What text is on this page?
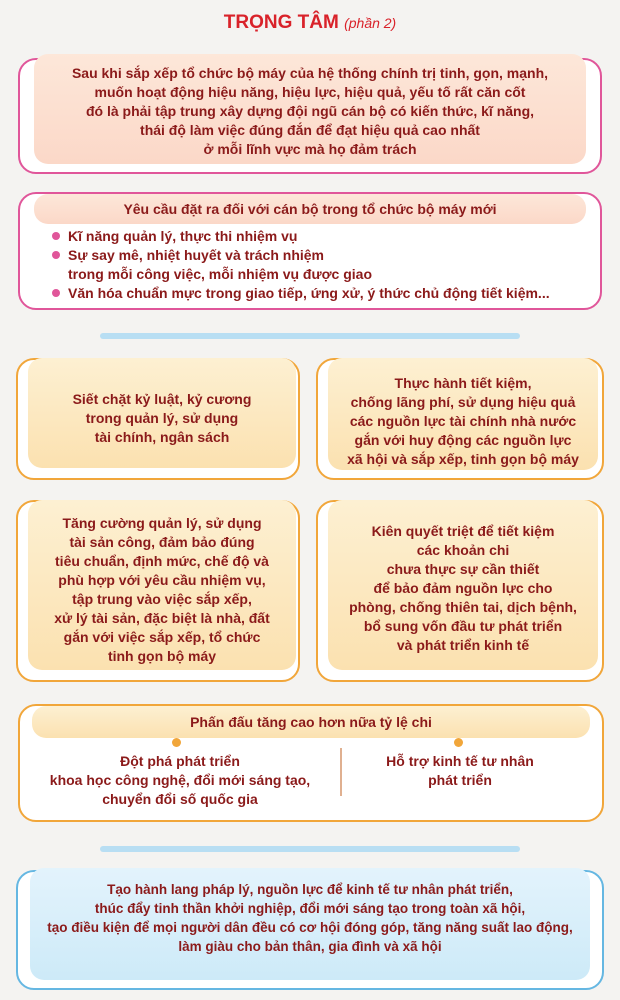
TRỌNG TÂM (phần 2)

Sau khi sắp xếp tổ chức bộ máy của hệ thống chính trị tinh, gọn, mạnh,

muốn hoạt động hiệu năng, hiệu lực, hiệu quả, yếu tố rất căn cốt

đó là phải tập trung xây dựng đội ngũ cán bộ có kiến thức, kĩ năng,

thái độ làm việc đúng đắn để đạt hiệu quả cao nhất

ở mỗi lĩnh vực mà họ đảm trách

Yêu cầu đặt ra đối với cán bộ trong tổ chức bộ máy mới
Kĩ năng quản lý, thực thi nhiệm vụ
Sự say mê, nhiệt huyết và trách nhiệm
trong mỗi công việc, mỗi nhiệm vụ được giao
Văn hóa chuẩn mực trong giao tiếp, ứng xử, ý thức chủ động tiết kiệm...

Siết chặt kỷ luật, kỷ cương

trong quản lý, sử dụng

tài chính, ngân sách

Thực hành tiết kiệm,

chống lãng phí, sử dụng hiệu quả

các nguồn lực tài chính nhà nước

gắn với huy động các nguồn lực

xã hội và sắp xếp, tinh gọn bộ máy

Tăng cường quản lý, sử dụng

tài sản công, đảm bảo đúng

tiêu chuẩn, định mức, chế độ và

phù hợp với yêu cầu nhiệm vụ,

tập trung vào việc sắp xếp,

xử lý tài sản, đặc biệt là nhà, đất

gắn với việc sắp xếp, tổ chức

tinh gọn bộ máy

Kiên quyết triệt để tiết kiệm

các khoản chi

chưa thực sự cần thiết

để bảo đảm nguồn lực cho

phòng, chống thiên tai, dịch bệnh,

bổ sung vốn đầu tư phát triển

và phát triển kinh tế

Phấn đấu tăng cao hơn nữa tỷ lệ chi

Đột phá phát triển

khoa học công nghệ, đổi mới sáng tạo,

chuyển đổi số quốc gia

Hỗ trợ kinh tế tư nhân

phát triển

Tạo hành lang pháp lý, nguồn lực để kinh tế tư nhân phát triển,

thúc đẩy tinh thần khởi nghiệp, đổi mới sáng tạo trong toàn xã hội,

tạo điều kiện để mọi người dân đều có cơ hội đóng góp, tăng năng suất lao động,

làm giàu cho bản thân, gia đình và xã hội
